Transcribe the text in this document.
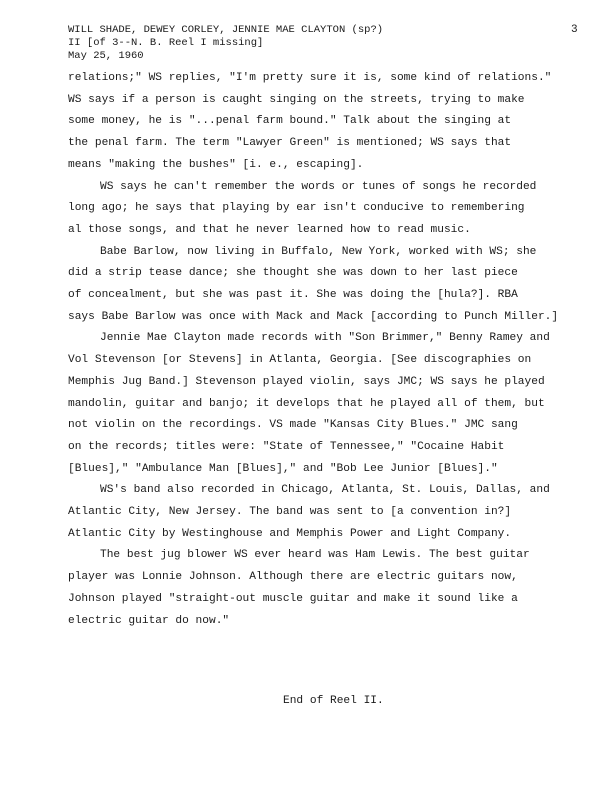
WILL SHADE, DEWEY CORLEY, JENNIE MAE CLAYTON (sp?)
II [of 3--N. B. Reel I missing]
May 25, 1960
3
relations;" WS replies, "I'm pretty sure it is, some kind of relations."
WS says if a person is caught singing on the streets, trying to make
some money, he is "...penal farm bound." Talk about the singing at
the penal farm. The term "Lawyer Green" is mentioned; WS says that
means "making the bushes" [i. e., escaping].
WS says he can't remember the words or tunes of songs he recorded
long ago; he says that playing by ear isn't conducive to remembering
al those songs, and that he never learned how to read music.
Babe Barlow, now living in Buffalo, New York, worked with WS; she
did a strip tease dance; she thought she was down to her last piece
of concealment, but she was past it. She was doing the [hula?]. RBA
says Babe Barlow was once with Mack and Mack [according to Punch Miller.]
Jennie Mae Clayton made records with "Son Brimmer," Benny Ramey and
Vol Stevenson [or Stevens] in Atlanta, Georgia. [See discographies on
Memphis Jug Band.] Stevenson played violin, says JMC; WS says he played
mandolin, guitar and banjo; it develops that he played all of them, but
not violin on the recordings. VS made "Kansas City Blues." JMC sang
on the records; titles were: "State of Tennessee," "Cocaine Habit
[Blues]," "Ambulance Man [Blues]," and "Bob Lee Junior [Blues]."
WS's band also recorded in Chicago, Atlanta, St. Louis, Dallas, and
Atlantic City, New Jersey. The band was sent to [a convention in?]
Atlantic City by Westinghouse and Memphis Power and Light Company.
The best jug blower WS ever heard was Ham Lewis. The best guitar
player was Lonnie Johnson. Although there are electric guitars now,
Johnson played "straight-out muscle guitar and make it sound like a
electric guitar do now."
End of Reel II.
